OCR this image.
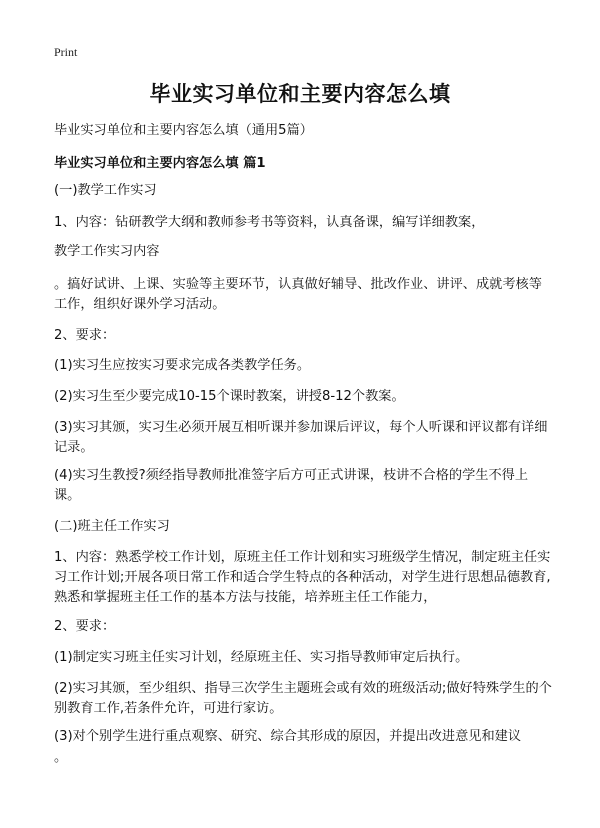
Print
毕业实习单位和主要内容怎么填
毕业实习单位和主要内容怎么填（通用5篇）
毕业实习单位和主要内容怎么填 篇1
(一)教学工作实习
1、内容：钻研教学大纲和教师参考书等资料，认真备课，编写详细教案，
教学工作实习内容
。搞好试讲、上课、实验等主要环节，认真做好辅导、批改作业、讲评、成就考核等工作，组织好课外学习活动。
2、要求：
(1)实习生应按实习要求完成各类教学任务。
(2)实习生至少要完成10-15个课时教案，讲授8-12个教案。
(3)实习其颁，实习生必须开展互相听课并参加课后评议，每个人听课和评议都有详细记录。
(4)实习生教授?须经指导教师批准签字后方可正式讲课，枝讲不合格的学生不得上课。
(二)班主任工作实习
1、内容：熟悉学校工作计划，原班主任工作计划和实习班级学生情况，制定班主任实习工作计划;开展各项日常工作和适合学生特点的各种活动，对学生进行思想品德教育,熟悉和掌握班主任工作的基本方法与技能，培养班主任工作能力，
2、要求：
(1)制定实习班主任实习计划，经原班主任、实习指导教师审定后执行。
(2)实习其颁，至少组织、指导三次学生主题班会或有效的班级活动;做好特殊学生的个别教育工作,若条件允许，可进行家访。
(3)对个别学生进行重点观察、研究、综合其形成的原因，并提出改进意见和建议
。
